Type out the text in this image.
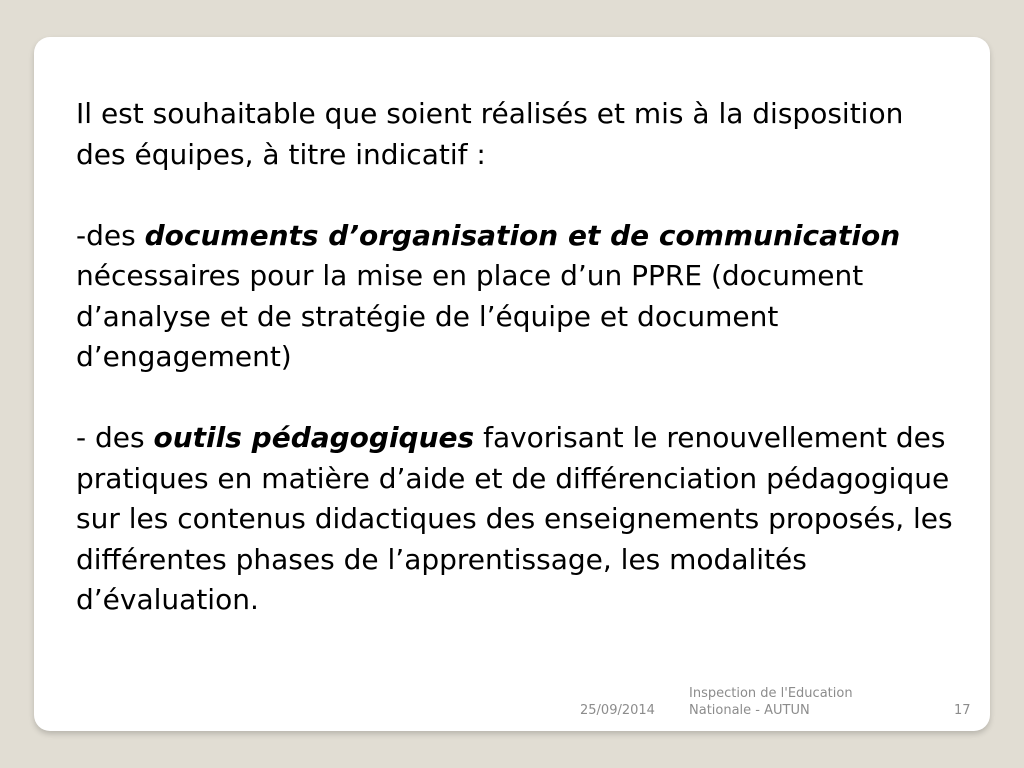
Il est souhaitable que soient réalisés et mis à la disposition des équipes, à titre indicatif :

-des documents d’organisation et de communication nécessaires pour la mise en place d’un PPRE (document d’analyse et de stratégie de l’équipe et document d’engagement)

- des outils pédagogiques favorisant le renouvellement des pratiques en matière d’aide et de différenciation pédagogique sur les contenus didactiques des enseignements proposés, les différentes phases de l’apprentissage, les modalités d’évaluation.

25/09/2014
Inspection de l'Education Nationale - AUTUN	17
